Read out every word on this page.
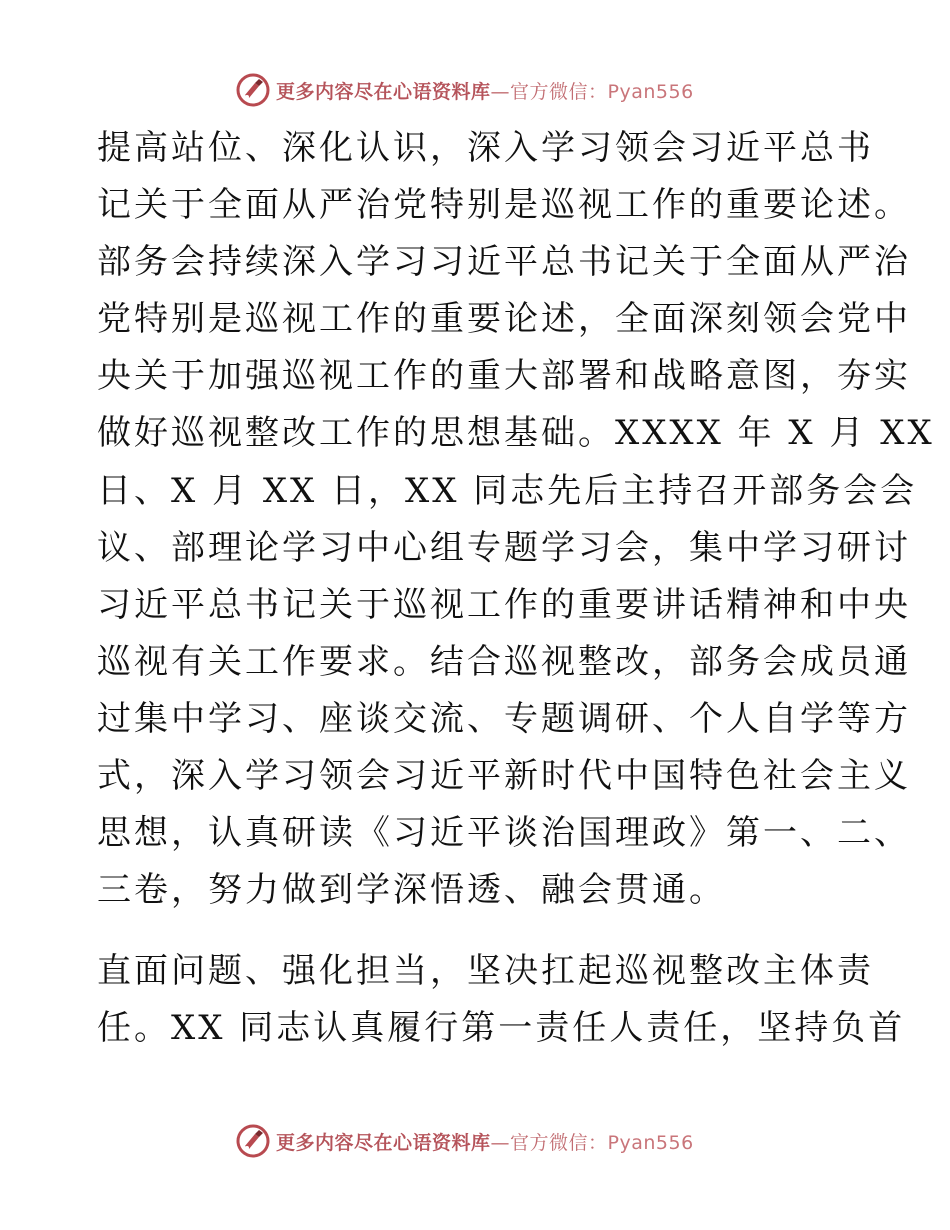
更多内容尽在心语资料库—官方微信：Pyan556
提高站位、深化认识，深入学习领会习近平总书
记关于全面从严治党特别是巡视工作的重要论述。
部务会持续深入学习习近平总书记关于全面从严治
党特别是巡视工作的重要论述，全面深刻领会党中
央关于加强巡视工作的重大部署和战略意图，夯实
做好巡视整改工作的思想基础。XXXX 年 X 月 XX
日、X 月 XX 日，XX 同志先后主持召开部务会会
议、部理论学习中心组专题学习会，集中学习研讨
习近平总书记关于巡视工作的重要讲话精神和中央
巡视有关工作要求。结合巡视整改，部务会成员通
过集中学习、座谈交流、专题调研、个人自学等方
式，深入学习领会习近平新时代中国特色社会主义
思想，认真研读《习近平谈治国理政》第一、二、
三卷，努力做到学深悟透、融会贯通。
直面问题、强化担当，坚决扛起巡视整改主体责
任。XX 同志认真履行第一责任人责任，坚持负首
更多内容尽在心语资料库—官方微信：Pyan556
